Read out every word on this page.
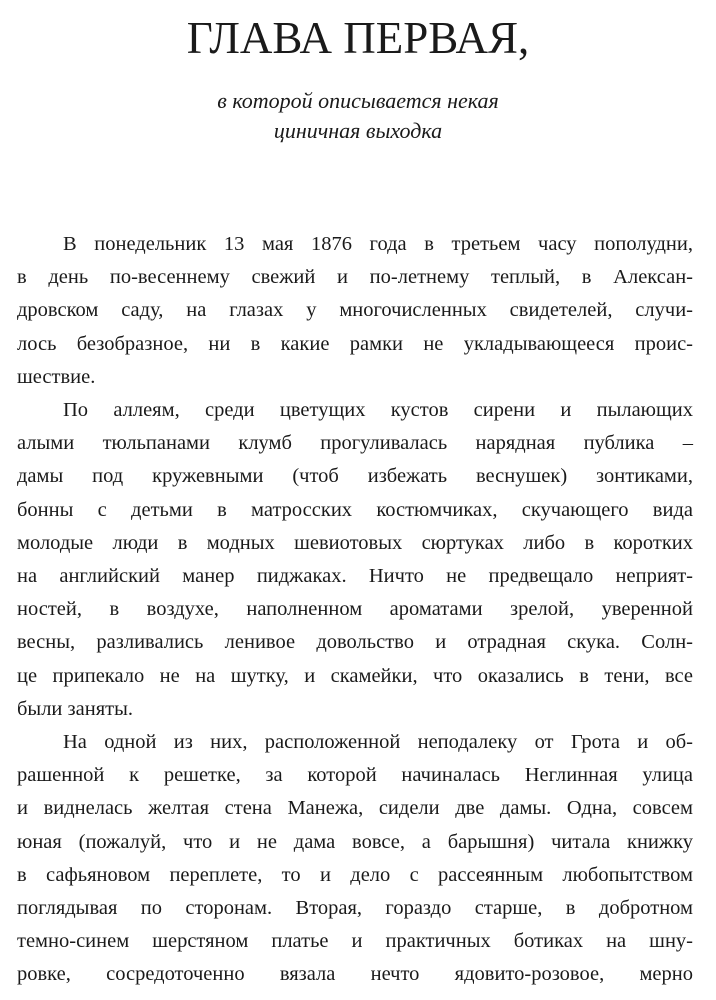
ГЛАВА ПЕРВАЯ,
в которой описывается некая
циничная выходка
В понедельник 13 мая 1876 года в третьем часу пополудни,
в день по-весеннему свежий и по-летнему теплый, в Алексан-
дровском саду, на глазах у многочисленных свидетелей, случи-
лось безобразное, ни в какие рамки не укладывающееся проис-
шествие.
По аллеям, среди цветущих кустов сирени и пылающих
алыми тюльпанами клумб прогуливалась нарядная публика –
дамы под кружевными (чтоб избежать веснушек) зонтиками,
бонны с детьми в матросских костюмчиках, скучающего вида
молодые люди в модных шевиотовых сюртуках либо в коротких
на английский манер пиджаках. Ничто не предвещало неприят-
ностей, в воздухе, наполненном ароматами зрелой, уверенной
весны, разливались ленивое довольство и отрадная скука. Солн-
це припекало не на шутку, и скамейки, что оказались в тени, все
были заняты.
На одной из них, расположенной неподалеку от Грота и об-
рашенной к решетке, за которой начиналась Неглинная улица
и виднелась желтая стена Манежа, сидели две дамы. Одна, совсем
юная (пожалуй, что и не дама вовсе, а барышня) читала книжку
в сафьяновом переплете, то и дело с рассеянным любопытством
поглядывая по сторонам. Вторая, гораздо старше, в добротном
темно-синем шерстяном платье и практичных ботиках на шну-
ровке, сосредоточенно вязала нечто ядовито-розовое, мерно
